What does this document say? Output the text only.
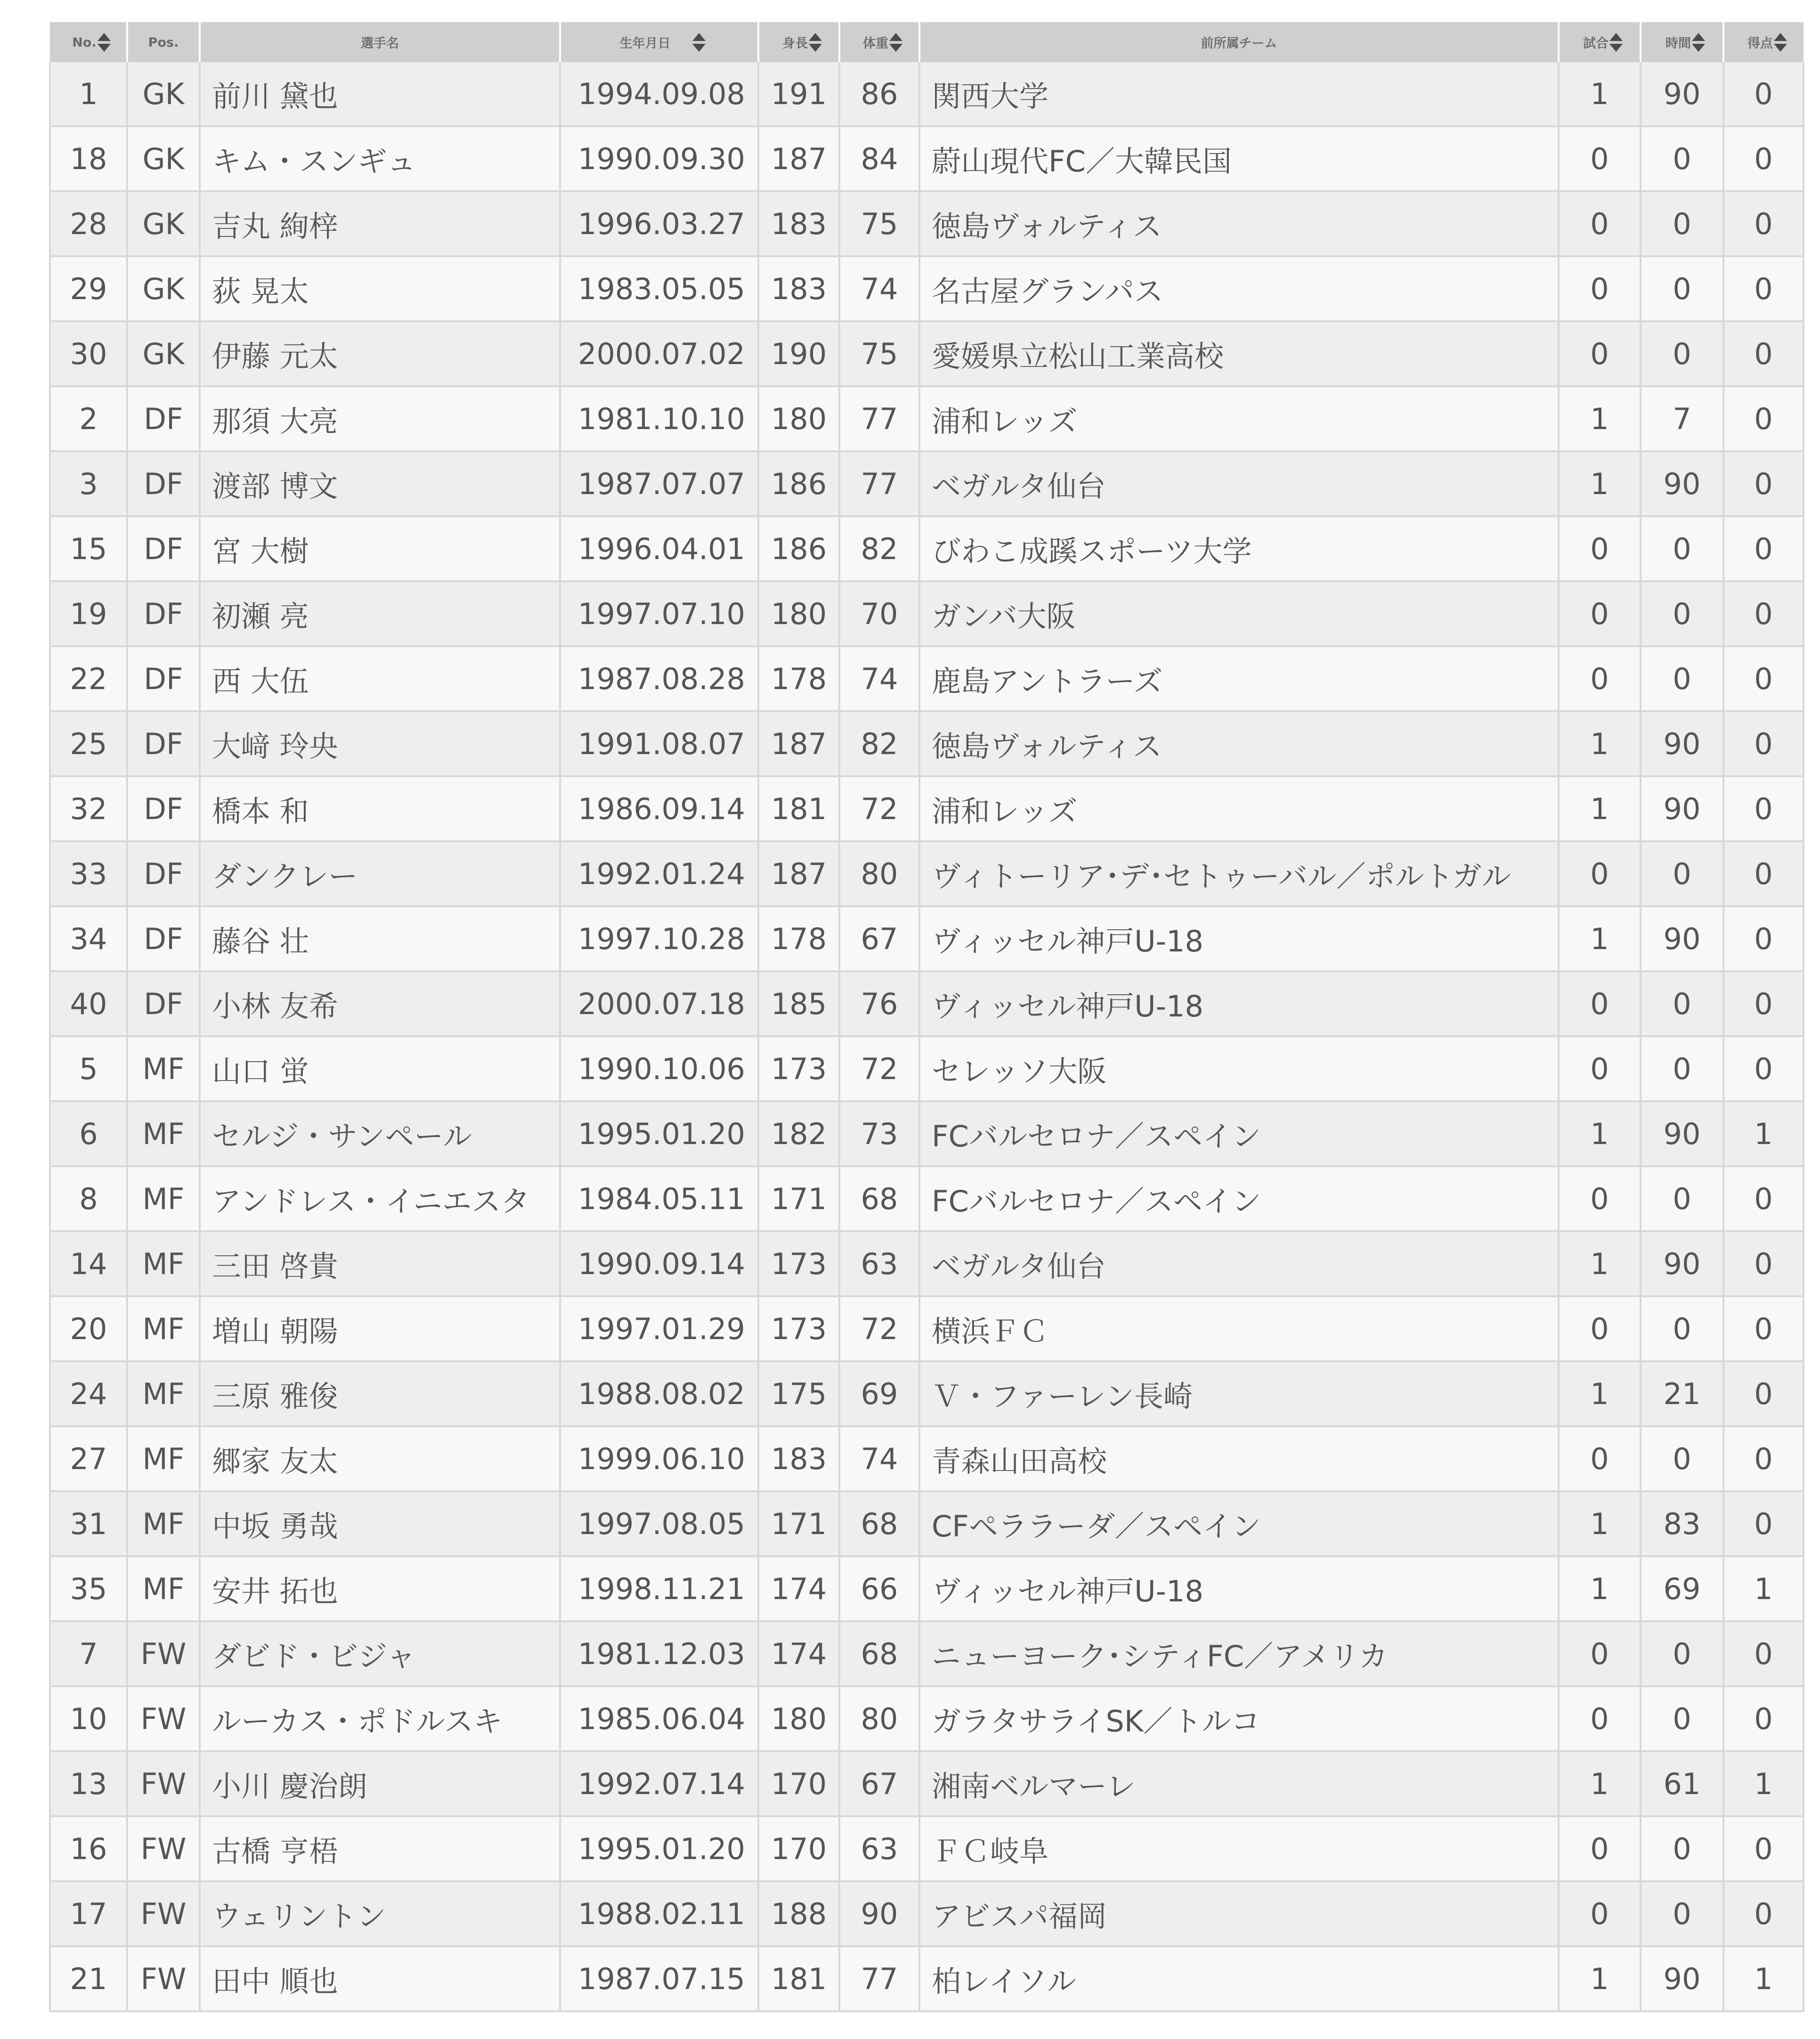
No.	Pos.	選手名	生年月日	身長	体重	前所属チーム	試合	時間	得点
1	GK	前川 黛也	1994.09.08	191	86	関西大学	1	90	0
18	GK	キム・スンギュ	1990.09.30	187	84	蔚山現代FC／大韓民国	0	0	0
28	GK	吉丸 絢梓	1996.03.27	183	75	徳島ヴォルティス	0	0	0
29	GK	荻 晃太	1983.05.05	183	74	名古屋グランパス	0	0	0
30	GK	伊藤 元太	2000.07.02	190	75	愛媛県立松山工業高校	0	0	0
2	DF	那須 大亮	1981.10.10	180	77	浦和レッズ	1	7	0
3	DF	渡部 博文	1987.07.07	186	77	ベガルタ仙台	1	90	0
15	DF	宮 大樹	1996.04.01	186	82	びわこ成蹊スポーツ大学	0	0	0
19	DF	初瀬 亮	1997.07.10	180	70	ガンバ大阪	0	0	0
22	DF	西 大伍	1987.08.28	178	74	鹿島アントラーズ	0	0	0
25	DF	大﨑 玲央	1991.08.07	187	82	徳島ヴォルティス	1	90	0
32	DF	橋本 和	1986.09.14	181	72	浦和レッズ	1	90	0
33	DF	ダンクレー	1992.01.24	187	80	ヴィトーリア･デ･セトゥーバル／ポルトガル	0	0	0
34	DF	藤谷 壮	1997.10.28	178	67	ヴィッセル神戸U-18	1	90	0
40	DF	小林 友希	2000.07.18	185	76	ヴィッセル神戸U-18	0	0	0
5	MF	山口 蛍	1990.10.06	173	72	セレッソ大阪	0	0	0
6	MF	セルジ・サンペール	1995.01.20	182	73	FCバルセロナ／スペイン	1	90	1
8	MF	アンドレス・イニエスタ	1984.05.11	171	68	FCバルセロナ／スペイン	0	0	0
14	MF	三田 啓貴	1990.09.14	173	63	ベガルタ仙台	1	90	0
20	MF	増山 朝陽	1997.01.29	173	72	横浜ＦＣ	0	0	0
24	MF	三原 雅俊	1988.08.02	175	69	Ｖ・ファーレン長崎	1	21	0
27	MF	郷家 友太	1999.06.10	183	74	青森山田高校	0	0	0
31	MF	中坂 勇哉	1997.08.05	171	68	CFペララーダ／スペイン	1	83	0
35	MF	安井 拓也	1998.11.21	174	66	ヴィッセル神戸U-18	1	69	1
7	FW	ダビド・ビジャ	1981.12.03	174	68	ニューヨーク･シティFC／アメリカ	0	0	0
10	FW	ルーカス・ポドルスキ	1985.06.04	180	80	ガラタサライSK／トルコ	0	0	0
13	FW	小川 慶治朗	1992.07.14	170	67	湘南ベルマーレ	1	61	1
16	FW	古橋 亨梧	1995.01.20	170	63	ＦＣ岐阜	0	0	0
17	FW	ウェリントン	1988.02.11	188	90	アビスパ福岡	0	0	0
21	FW	田中 順也	1987.07.15	181	77	柏レイソル	1	90	1
